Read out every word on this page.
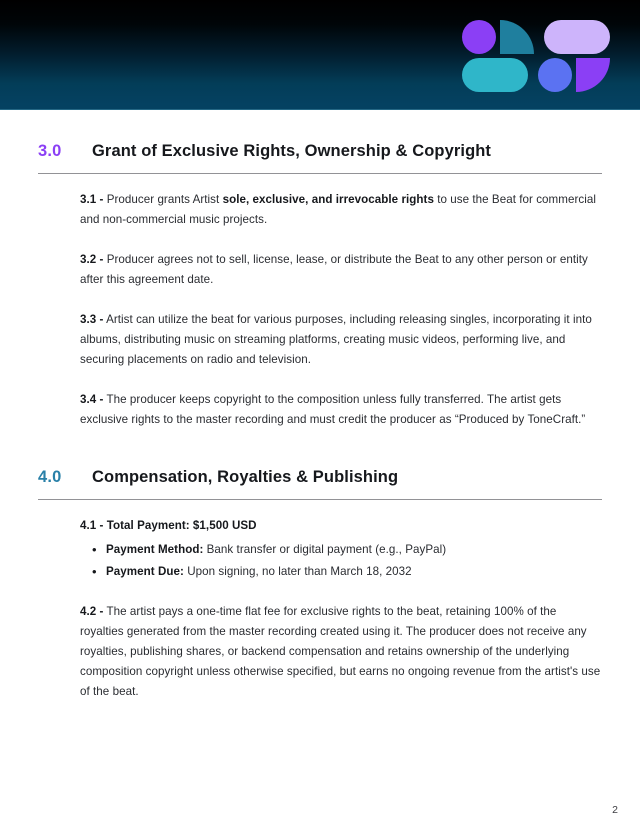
3.0	Grant of Exclusive Rights, Ownership & Copyright

3.1 - Producer grants Artist sole, exclusive, and irrevocable rights to use the Beat for commercial and non-commercial music projects.

3.2 - Producer agrees not to sell, license, lease, or distribute the Beat to any other person or entity after this agreement date.

3.3 - Artist can utilize the beat for various purposes, including releasing singles, incorporating it into albums, distributing music on streaming platforms, creating music videos, performing live, and securing placements on radio and television.

3.4 - The producer keeps copyright to the composition unless fully transferred. The artist gets exclusive rights to the master recording and must credit the producer as “Produced by ToneCraft.”

4.0	Compensation, Royalties & Publishing

4.1 - Total Payment: $1,500 USD

• Payment Method: Bank transfer or digital payment (e.g., PayPal)
• Payment Due: Upon signing, no later than March 18, 2032

4.2 - The artist pays a one-time flat fee for exclusive rights to the beat, retaining 100% of the royalties generated from the master recording created using it. The producer does not receive any royalties, publishing shares, or backend compensation and retains ownership of the underlying composition copyright unless otherwise specified, but earns no ongoing revenue from the artist's use of the beat.

2
